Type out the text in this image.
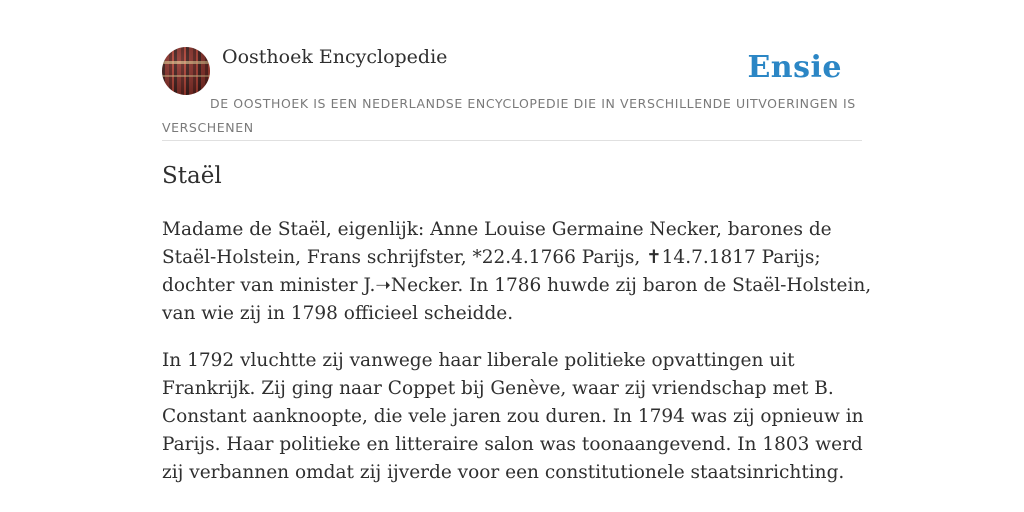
Oosthoek Encyclopedie
DE OOSTHOEK IS EEN NEDERLANDSE ENCYCLOPEDIE DIE IN VERSCHILLENDE UITVOERINGEN IS VERSCHENEN
Ensie
Staël

Madame de Staël, eigenlijk: Anne Louise Germaine Necker, barones de Staël-Holstein, Frans schrijfster, *22.4.1766 Parijs, ✝14.7.1817 Parijs; dochter van minister J.➝Necker. In 1786 huwde zij baron de Staël-Holstein, van wie zij in 1798 officieel scheidde.

In 1792 vluchtte zij vanwege haar liberale politieke opvattingen uit Frankrijk. Zij ging naar Coppet bij Genève, waar zij vriendschap met B. Constant aanknoopte, die vele jaren zou duren. In 1794 was zij opnieuw in Parijs. Haar politieke en litteraire salon was toonaangevend. In 1803 werd zij verbannen omdat zij ijverde voor een constitutionele staatsinrichting.
